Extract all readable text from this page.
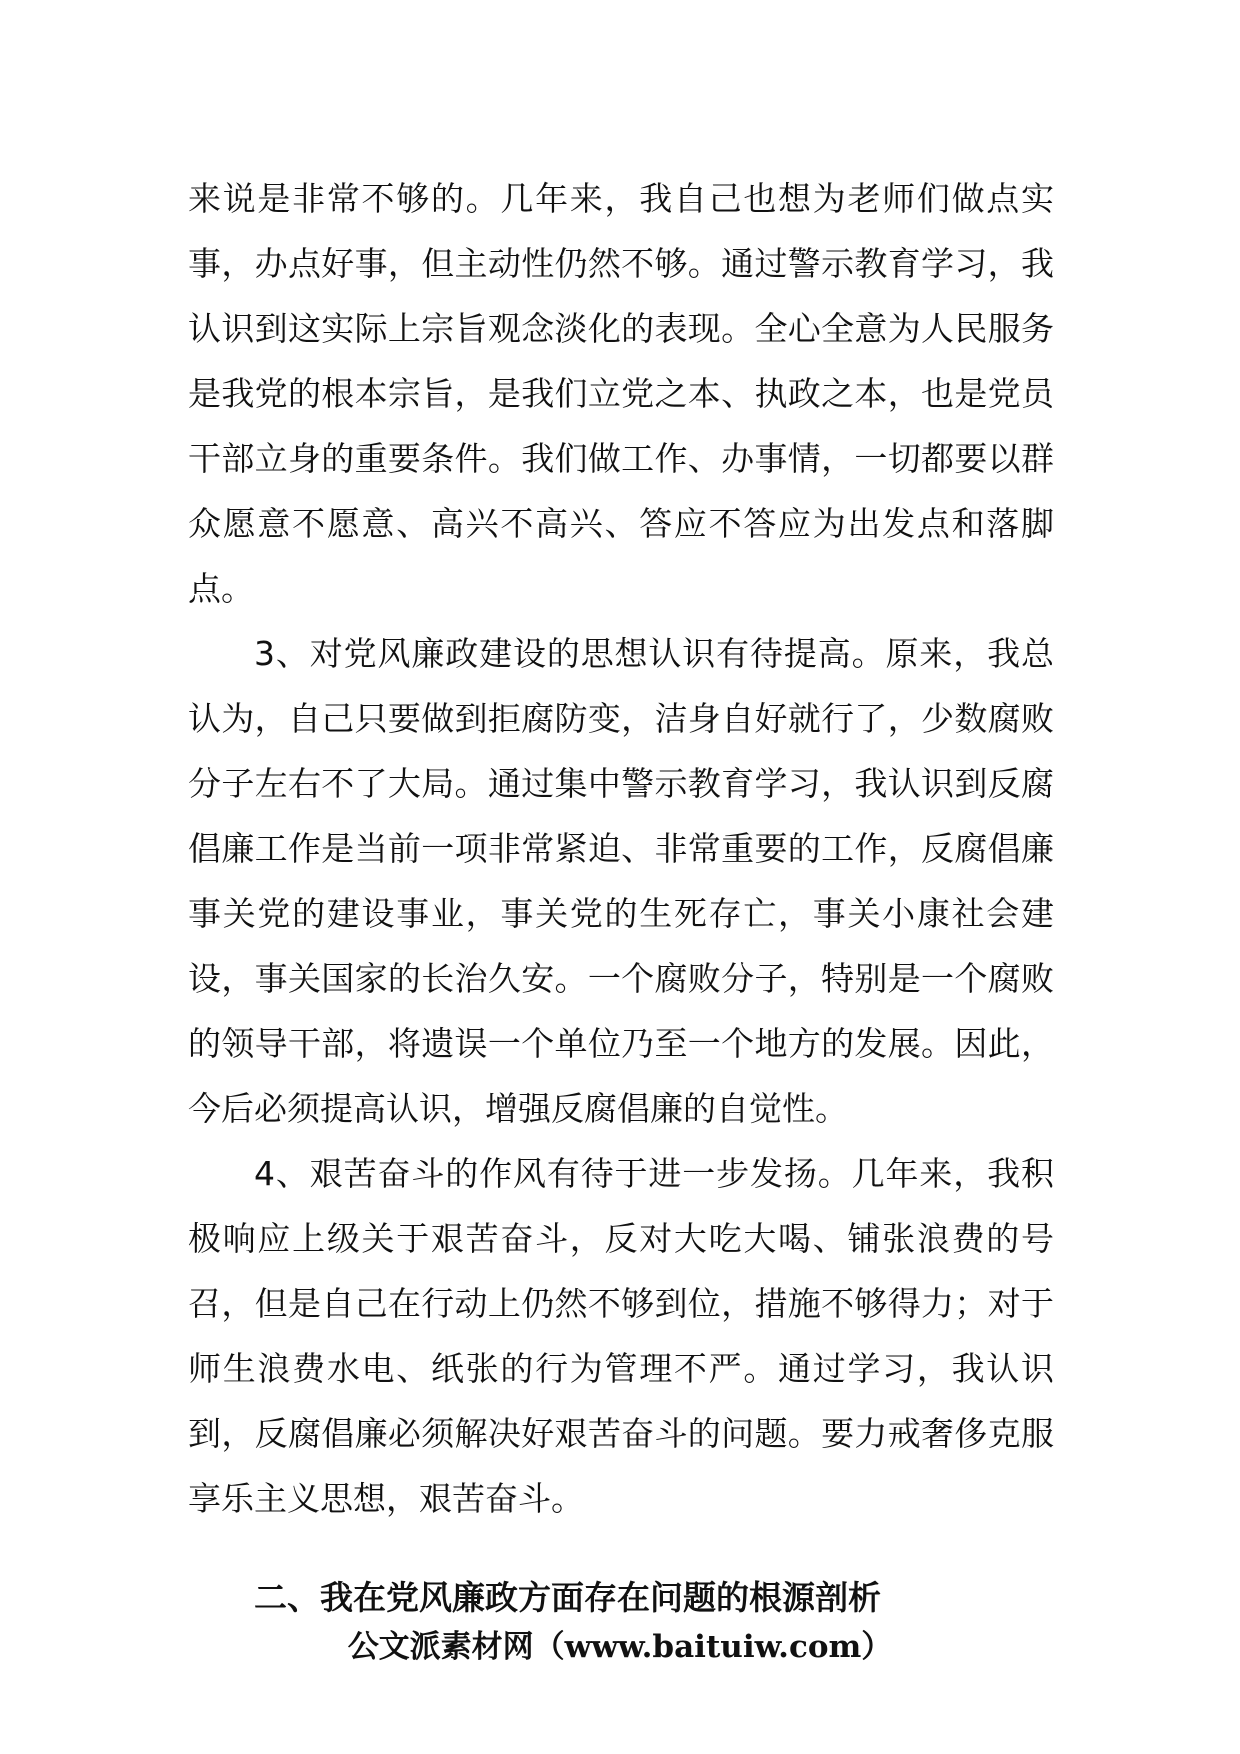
来说是非常不够的。几年来，我自己也想为老师们做点实事，办点好事，但主动性仍然不够。通过警示教育学习，我认识到这实际上宗旨观念淡化的表现。全心全意为人民服务是我党的根本宗旨，是我们立党之本、执政之本，也是党员干部立身的重要条件。我们做工作、办事情，一切都要以群众愿意不愿意、高兴不高兴、答应不答应为出发点和落脚点。

3、对党风廉政建设的思想认识有待提高。原来，我总认为，自己只要做到拒腐防变，洁身自好就行了，少数腐败分子左右不了大局。通过集中警示教育学习，我认识到反腐倡廉工作是当前一项非常紧迫、非常重要的工作，反腐倡廉事关党的建设事业，事关党的生死存亡，事关小康社会建设，事关国家的长治久安。一个腐败分子，特别是一个腐败的领导干部，将遗误一个单位乃至一个地方的发展。因此，今后必须提高认识，增强反腐倡廉的自觉性。

4、艰苦奋斗的作风有待于进一步发扬。几年来，我积极响应上级关于艰苦奋斗，反对大吃大喝、铺张浪费的号召，但是自己在行动上仍然不够到位，措施不够得力；对于师生浪费水电、纸张的行为管理不严。通过学习，我认识到，反腐倡廉必须解决好艰苦奋斗的问题。要力戒奢侈克服享乐主义思想，艰苦奋斗。

二、我在党风廉政方面存在问题的根源剖析

公文派素材网（www.baituiw.com）
